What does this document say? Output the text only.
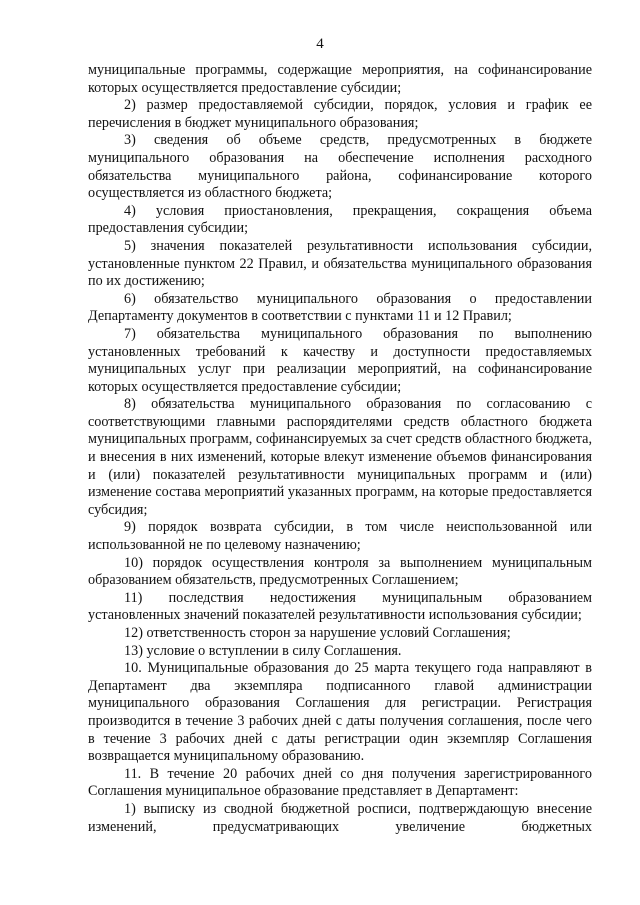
4

муниципальные программы, содержащие мероприятия, на софинансирование которых осуществляется предоставление субсидии;

2) размер предоставляемой субсидии, порядок, условия и график ее перечисления в бюджет муниципального образования;

3) сведения об объеме средств, предусмотренных в бюджете муниципального образования на обеспечение исполнения расходного обязательства муниципального района, софинансирование которого осуществляется из областного бюджета;

4) условия приостановления, прекращения, сокращения объема предоставления субсидии;

5) значения показателей результативности использования субсидии, установленные пунктом 22 Правил, и обязательства муниципального образования по их достижению;

6) обязательство муниципального образования о предоставлении Департаменту документов в соответствии с пунктами 11 и 12 Правил;

7) обязательства муниципального образования по выполнению установленных требований к качеству и доступности предоставляемых муниципальных услуг при реализации мероприятий, на софинансирование которых осуществляется предоставление субсидии;

8) обязательства муниципального образования по согласованию с соответствующими главными распорядителями средств областного бюджета муниципальных программ, софинансируемых за счет средств областного бюджета, и внесения в них изменений, которые влекут изменение объемов финансирования и (или) показателей результативности муниципальных программ и (или) изменение состава мероприятий указанных программ, на которые предоставляется субсидия;

9) порядок возврата субсидии, в том числе неиспользованной или использованной не по целевому назначению;

10) порядок осуществления контроля за выполнением муниципальным образованием обязательств, предусмотренных Соглашением;

11) последствия недостижения муниципальным образованием установленных значений показателей результативности использования субсидии;

12) ответственность сторон за нарушение условий Соглашения;

13) условие о вступлении в силу Соглашения.

10. Муниципальные образования до 25 марта текущего года направляют в Департамент два экземпляра подписанного главой администрации муниципального образования Соглашения для регистрации. Регистрация производится в течение 3 рабочих дней с даты получения соглашения, после чего в течение 3 рабочих дней с даты регистрации один экземпляр Соглашения возвращается муниципальному образованию.

11. В течение 20 рабочих дней со дня получения зарегистрированного Соглашения муниципальное образование представляет в Департамент:

1) выписку из сводной бюджетной росписи, подтверждающую внесение изменений, предусматривающих увеличение бюджетных
